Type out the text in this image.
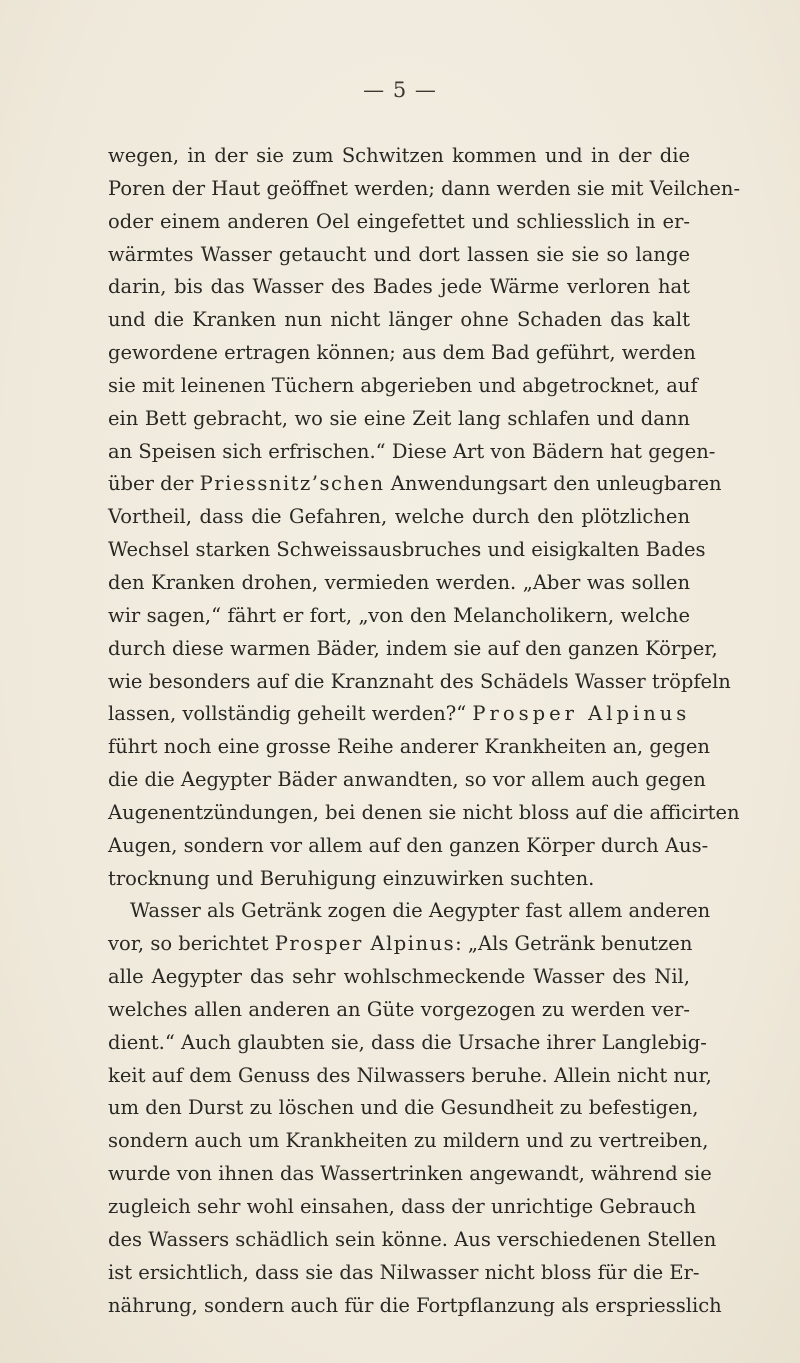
— 5 —
wegen, in der sie zum Schwitzen kommen und in der die
Poren der Haut geöffnet werden; dann werden sie mit Veilchen-
oder einem anderen Oel eingefettet und schliesslich in er-
wärmtes Wasser getaucht und dort lassen sie sie so lange
darin, bis das Wasser des Bades jede Wärme verloren hat
und die Kranken nun nicht länger ohne Schaden das kalt
gewordene ertragen können; aus dem Bad geführt, werden
sie mit leinenen Tüchern abgerieben und abgetrocknet, auf
ein Bett gebracht, wo sie eine Zeit lang schlafen und dann
an Speisen sich erfrischen.“ Diese Art von Bädern hat gegen-
über der Priessnitz’schen Anwendungsart den unleugbaren
Vortheil, dass die Gefahren, welche durch den plötzlichen
Wechsel starken Schweissausbruches und eisigkalten Bades
den Kranken drohen, vermieden werden. „Aber was sollen
wir sagen,“ fährt er fort, „von den Melancholikern, welche
durch diese warmen Bäder, indem sie auf den ganzen Körper,
wie besonders auf die Kranznaht des Schädels Wasser tröpfeln
lassen, vollständig geheilt werden?“ Prosper Alpinus
führt noch eine grosse Reihe anderer Krankheiten an, gegen
die die Aegypter Bäder anwandten, so vor allem auch gegen
Augenentzündungen, bei denen sie nicht bloss auf die afficirten
Augen, sondern vor allem auf den ganzen Körper durch Aus-
trocknung und Beruhigung einzuwirken suchten.
Wasser als Getränk zogen die Aegypter fast allem anderen
vor, so berichtet Prosper Alpinus: „Als Getränk benutzen
alle Aegypter das sehr wohlschmeckende Wasser des Nil,
welches allen anderen an Güte vorgezogen zu werden ver-
dient.“ Auch glaubten sie, dass die Ursache ihrer Langlebig-
keit auf dem Genuss des Nilwassers beruhe. Allein nicht nur,
um den Durst zu löschen und die Gesundheit zu befestigen,
sondern auch um Krankheiten zu mildern und zu vertreiben,
wurde von ihnen das Wassertrinken angewandt, während sie
zugleich sehr wohl einsahen, dass der unrichtige Gebrauch
des Wassers schädlich sein könne. Aus verschiedenen Stellen
ist ersichtlich, dass sie das Nilwasser nicht bloss für die Er-
nährung, sondern auch für die Fortpflanzung als erspriesslich
